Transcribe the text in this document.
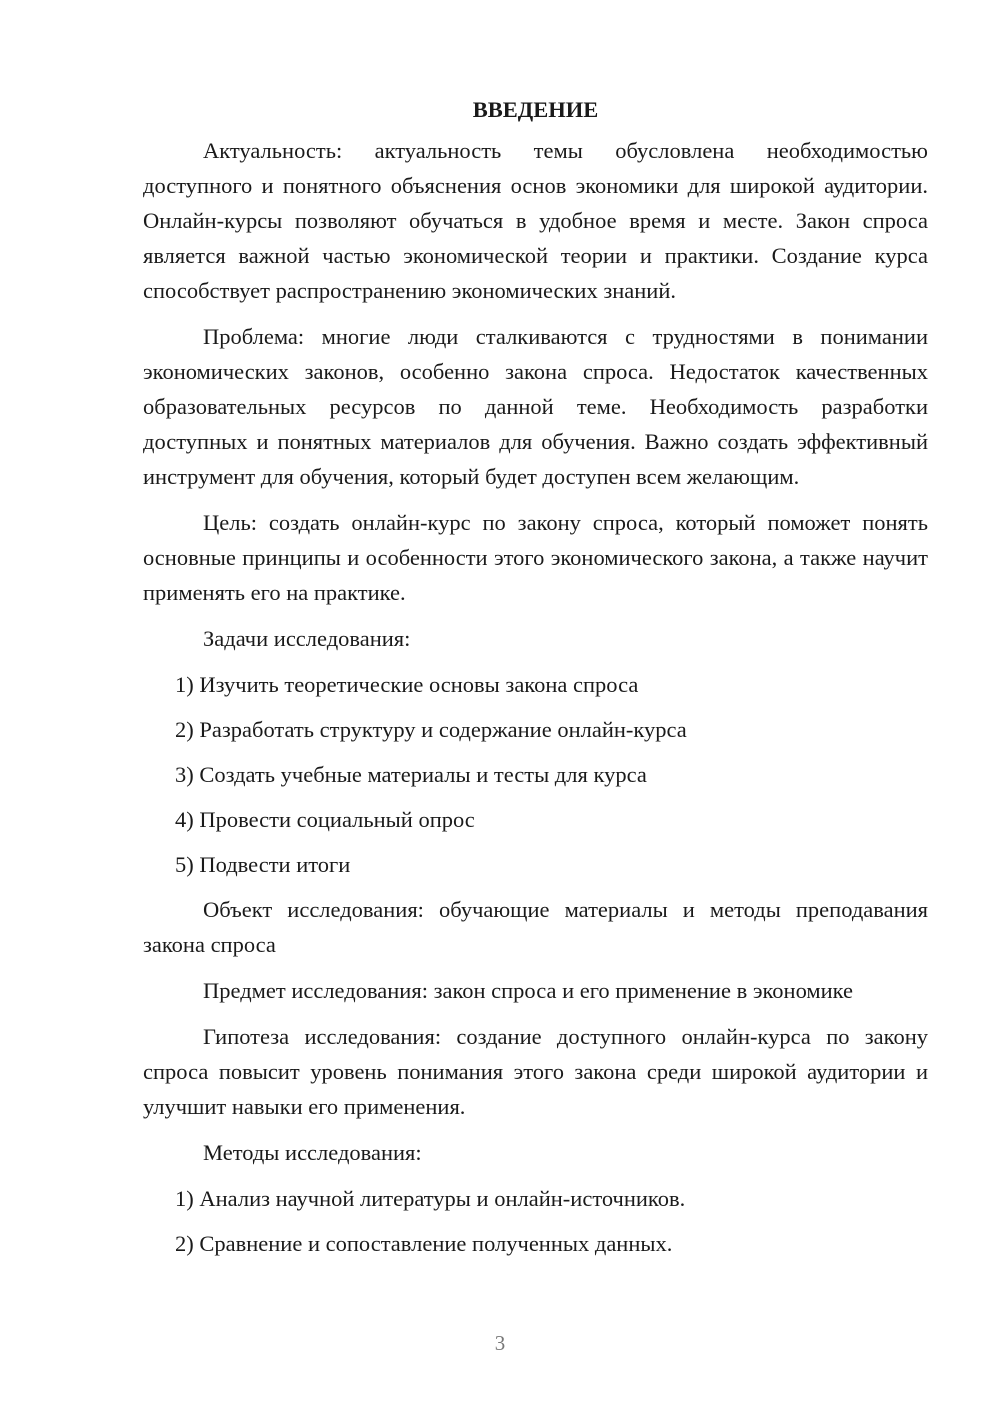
ВВЕДЕНИЕ

Актуальность: актуальность темы обусловлена необходимостью доступного и понятного объяснения основ экономики для широкой аудитории. Онлайн-курсы позволяют обучаться в удобное время и месте. Закон спроса является важной частью экономической теории и практики. Создание курса способствует распространению экономических знаний.

Проблема: многие люди сталкиваются с трудностями в понимании экономических законов, особенно закона спроса. Недостаток качественных образовательных ресурсов по данной теме. Необходимость разработки доступных и понятных материалов для обучения. Важно создать эффективный инструмент для обучения, который будет доступен всем желающим.

Цель: создать онлайн-курс по закону спроса, который поможет понять основные принципы и особенности этого экономического закона, а также научит применять его на практике.

Задачи исследования:

1) Изучить теоретические основы закона спроса
2) Разработать структуру и содержание онлайн-курса
3) Создать учебные материалы и тесты для курса
4) Провести социальный опрос
5) Подвести итоги

Объект исследования: обучающие материалы и методы преподавания закона спроса

Предмет исследования: закон спроса и его применение в экономике

Гипотеза исследования: создание доступного онлайн-курса по закону спроса повысит уровень понимания этого закона среди широкой аудитории и улучшит навыки его применения.

Методы исследования:

1) Анализ научной литературы и онлайн-источников.
2) Сравнение и сопоставление полученных данных.
3
